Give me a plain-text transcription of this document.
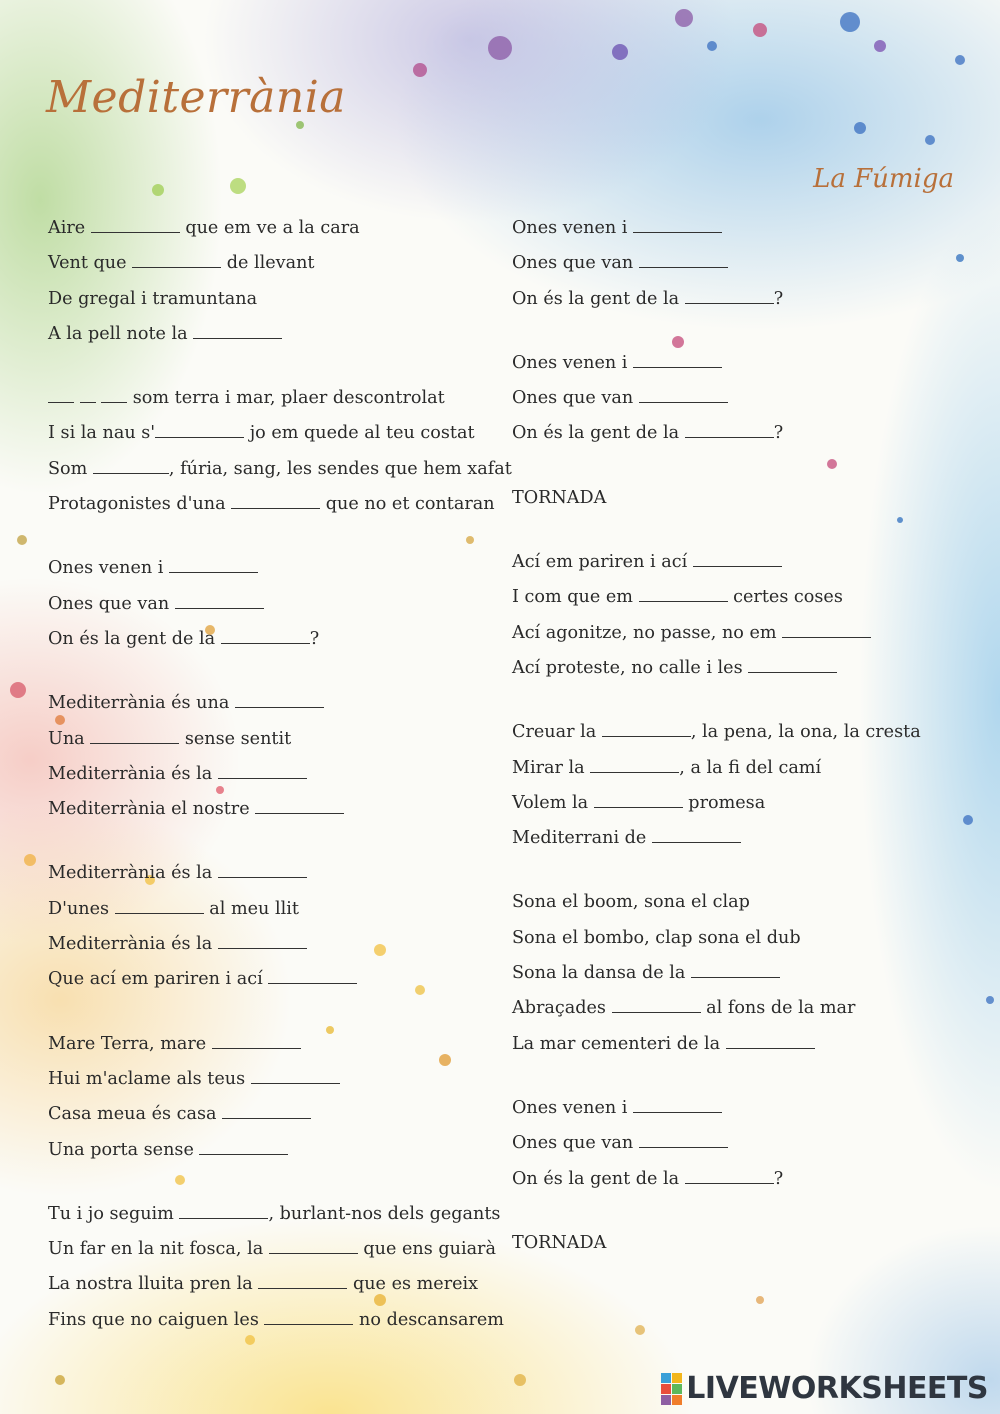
Mediterrània
La Fúmiga
Aire	que em ve a la cara
Vent que	de llevant
De gregal i tramuntana
A la pell note la
som terra i mar, plaer descontrolat
I si la nau s'	jo em quede al teu costat
Som	, fúria, sang, les sendes que hem xafat
Protagonistes d'una	que no et contaran
Ones venen i
Ones que van
On és la gent de la	?
Mediterrània és una
Una	sense sentit
Mediterrània és la
Mediterrània el nostre
Mediterrània és la
D'unes	al meu llit
Mediterrània és la
Que ací em pariren i ací
Mare Terra, mare
Hui m'aclame als teus
Casa meua és casa
Una porta sense
Tu i jo seguim	, burlant-nos dels gegants
Un far en la nit fosca, la	que ens guiarà
La nostra lluita pren la	que es mereix
Fins que no caiguen les	no descansarem
Ones venen i
Ones que van
On és la gent de la	?
Ones venen i
Ones que van
On és la gent de la	?
TORNADA
Ací em pariren i ací
I com que em	certes coses
Ací agonitze, no passe, no em
Ací proteste, no calle i les
Creuar la	, la pena, la ona, la cresta
Mirar la	, a la fi del camí
Volem la	promesa
Mediterrani de
Sona el boom, sona el clap
Sona el bombo, clap sona el dub
Sona la dansa de la
Abraçades	al fons de la mar
La mar cementeri de la
Ones venen i
Ones que van
On és la gent de la	?
TORNADA
LIVEWORKSHEETS
